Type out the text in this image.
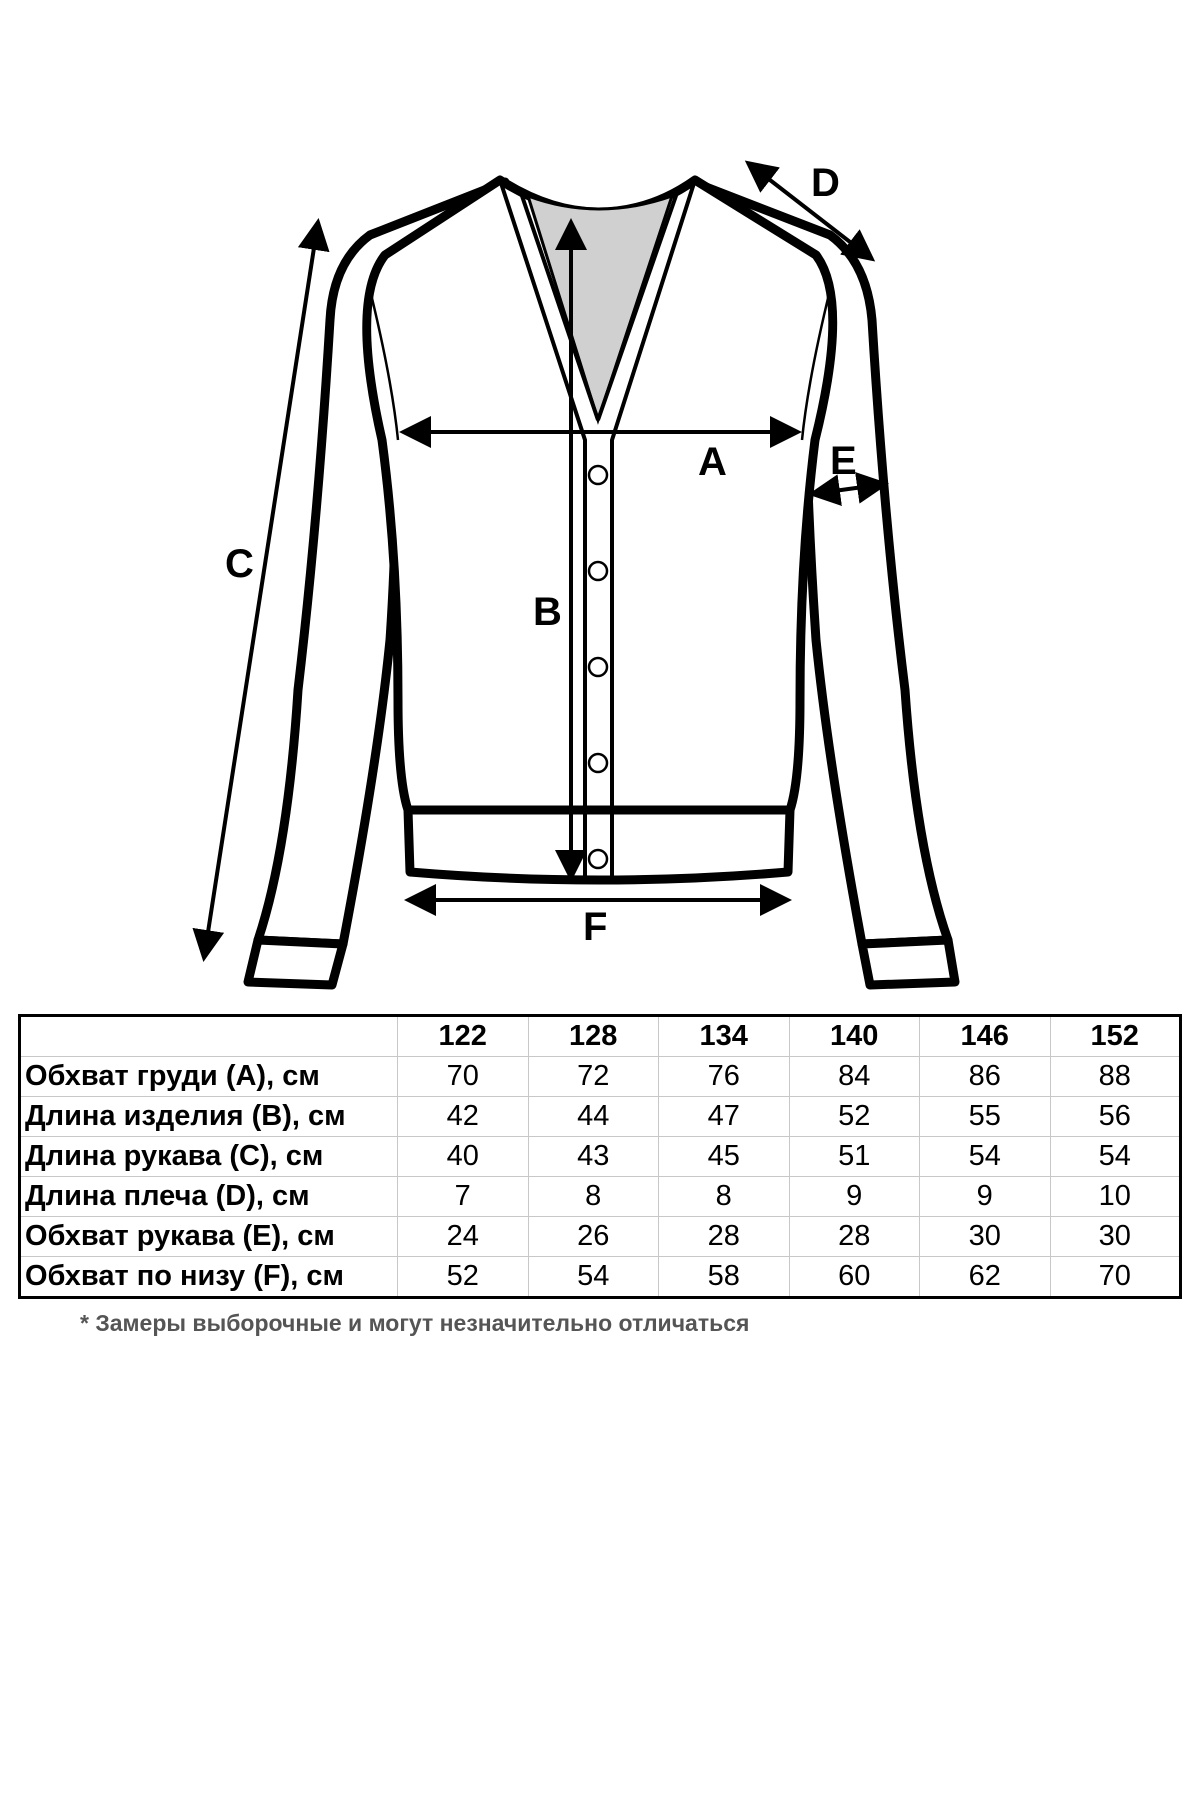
A
B
C
D
E
F
	122	128	134	140	146	152
Обхват груди (А), см	70	72	76	84	86	88
Длина изделия (B), см	42	44	47	52	55	56
Длина рукава (С), см	40	43	45	51	54	54
Длина плеча (D), см	7	8	8	9	9	10
Обхват рукава (E), см	24	26	28	28	30	30
Обхват по низу (F), см	52	54	58	60	62	70
* Замеры выборочные и могут незначительно отличаться
